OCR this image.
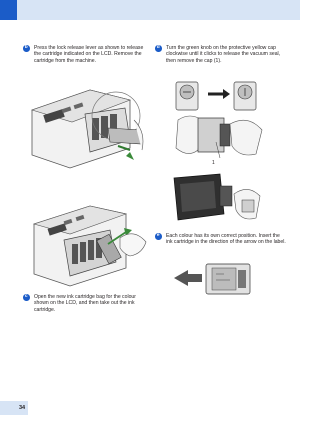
b	Press the lock release lever as shown to release the cartridge indicated on the LCD. Remove the cartridge from the machine.
c	Open the new ink cartridge bag for the colour shown on the LCD, and then take out the ink cartridge.
d	Turn the green knob on the protective yellow cap clockwise until it clicks to release the vacuum seal, then remove the cap (1).
1
e	Each colour has its own correct position. Insert the ink cartridge in the direction of the arrow on the label.
34
